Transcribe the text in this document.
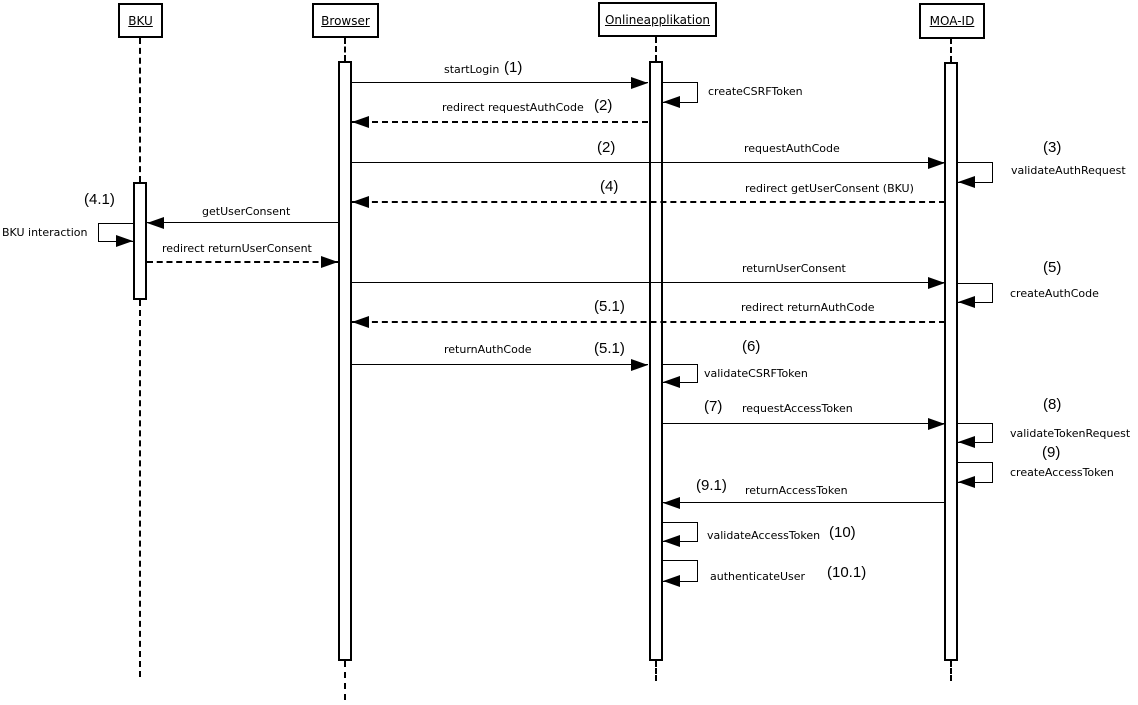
BKU	Browser	Onlineapplikation	MOA-ID
startLogin (1)
createCSRFToken
redirect requestAuthCode (2)
(2)	requestAuthCode	(3)
validateAuthRequest
(4)	redirect getUserConsent (BKU)
getUserConsent
(4.1)
BKU interaction
redirect returnUserConsent
returnUserConsent	(5)
createAuthCode
(5.1)	redirect returnAuthCode
returnAuthCode	(5.1)	(6)
validateCSRFToken
(7) requestAccessToken	(8)
validateTokenRequest
(9)
createAccessToken
(9.1) returnAccessToken
validateAccessToken (10)
authenticateUser (10.1)
